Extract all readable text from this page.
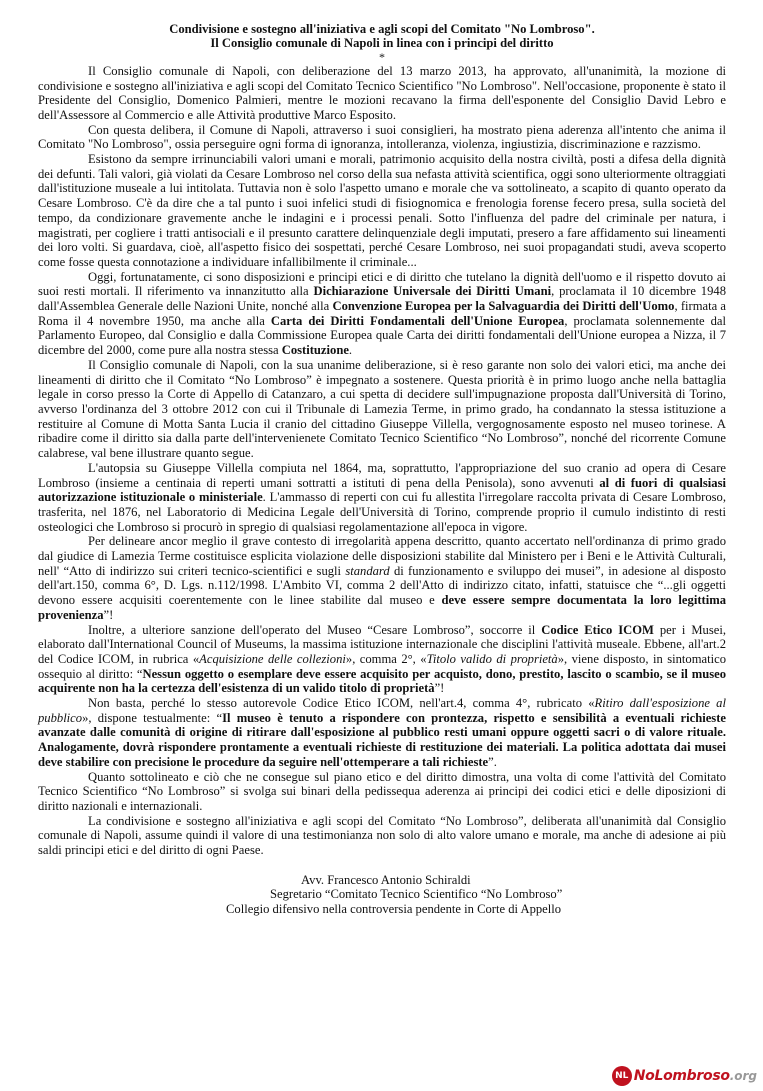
Condivisione e sostegno all'iniziativa e agli scopi del Comitato "No Lombroso".
Il Consiglio comunale di Napoli in linea con i principi del diritto
*

Il Consiglio comunale di Napoli, con deliberazione del 13 marzo 2013, ha approvato, all'unanimità, la mozione di condivisione e sostegno all'iniziativa e agli scopi del Comitato Tecnico Scientifico "No Lombroso". Nell'occasione, proponente è stato il Presidente del Consiglio, Domenico Palmieri, mentre le mozioni recavano la firma dell'esponente del Consiglio David Lebro e dell'Assessore al Commercio e alle Attività produttive Marco Esposito.

Con questa delibera, il Comune di Napoli, attraverso i suoi consiglieri, ha mostrato piena aderenza all'intento che anima il Comitato "No Lombroso", ossia perseguire ogni forma di ignoranza, intolleranza, violenza, ingiustizia, discriminazione e razzismo.

Esistono da sempre irrinunciabili valori umani e morali, patrimonio acquisito della nostra civiltà, posti a difesa della dignità dei defunti. Tali valori, già violati da Cesare Lombroso nel corso della sua nefasta attività scientifica, oggi sono ulteriormente oltraggiati dall'istituzione museale a lui intitolata. Tuttavia non è solo l'aspetto umano e morale che va sottolineato, a scapito di quanto operato da Cesare Lombroso. C'è da dire che a tal punto i suoi infelici studi di fisiognomica e frenologia forense fecero presa, sulla società del tempo, da condizionare gravemente anche le indagini e i processi penali. Sotto l'influenza del padre del criminale per natura, i magistrati, per cogliere i tratti antisociali e il presunto carattere delinquenziale degli imputati, presero a fare affidamento sui lineamenti dei loro volti. Si guardava, cioè, all'aspetto fisico dei sospettati, perché Cesare Lombroso, nei suoi propagandati studi, aveva scoperto come fosse questa connotazione a individuare infallibilmente il criminale...

Oggi, fortunatamente, ci sono disposizioni e principi etici e di diritto che tutelano la dignità dell'uomo e il rispetto dovuto ai suoi resti mortali. Il riferimento va innanzitutto alla Dichiarazione Universale dei Diritti Umani, proclamata il 10 dicembre 1948 dall'Assemblea Generale delle Nazioni Unite, nonché alla Convenzione Europea per la Salvaguardia dei Diritti dell'Uomo, firmata a Roma il 4 novembre 1950, ma anche alla Carta dei Diritti Fondamentali dell'Unione Europea, proclamata solennemente dal Parlamento Europeo, dal Consiglio e dalla Commissione Europea quale Carta dei diritti fondamentali dell'Unione europea a Nizza, il 7 dicembre del 2000, come pure alla nostra stessa Costituzione.

Il Consiglio comunale di Napoli, con la sua unanime deliberazione, si è reso garante non solo dei valori etici, ma anche dei lineamenti di diritto che il Comitato “No Lombroso” è impegnato a sostenere. Questa priorità è in primo luogo anche nella battaglia legale in corso presso la Corte di Appello di Catanzaro, a cui spetta di decidere sull'impugnazione proposta dall'Università di Torino, avverso l'ordinanza del 3 ottobre 2012 con cui il Tribunale di Lamezia Terme, in primo grado, ha condannato la stessa istituzione a restituire al Comune di Motta Santa Lucia il cranio del cittadino Giuseppe Villella, vergognosamente esposto nel museo torinese. A ribadire come il diritto sia dalla parte dell'intervenienete Comitato Tecnico Scientifico “No Lombroso”, nonché del ricorrente Comune calabrese, val bene illustrare quanto segue.

L'autopsia su Giuseppe Villella compiuta nel 1864, ma, soprattutto, l'appropriazione del suo cranio ad opera di Cesare Lombroso (insieme a centinaia di reperti umani sottratti a istituti di pena della Penisola), sono avvenuti al di fuori di qualsiasi autorizzazione istituzionale o ministeriale. L'ammasso di reperti con cui fu allestita l'irregolare raccolta privata di Cesare Lombroso, trasferita, nel 1876, nel Laboratorio di Medicina Legale dell'Università di Torino, comprende proprio il cumulo indistinto di resti osteologici che Lombroso si procurò in spregio di qualsiasi regolamentazione all'epoca in vigore.

Per delineare ancor meglio il grave contesto di irregolarità appena descritto, quanto accertato nell'ordinanza di primo grado dal giudice di Lamezia Terme costituisce esplicita violazione delle disposizioni stabilite dal Ministero per i Beni e le Attività Culturali, nell' “Atto di indirizzo sui criteri tecnico-scientifici e sugli standard di funzionamento e sviluppo dei musei”, in adesione al disposto dell'art.150, comma 6°, D. Lgs. n.112/1998. L'Ambito VI, comma 2 dell'Atto di indirizzo citato, infatti, statuisce che “...gli oggetti devono essere acquisiti coerentemente con le linee stabilite dal museo e deve essere sempre documentata la loro legittima provenienza”!

Inoltre, a ulteriore sanzione dell'operato del Museo “Cesare Lombroso”, soccorre il Codice Etico ICOM per i Musei, elaborato dall'International Council of Museums, la massima istituzione internazionale che disciplini l'attività museale. Ebbene, all'art.2 del Codice ICOM, in rubrica «Acquisizione delle collezioni», comma 2°, «Titolo valido di proprietà», viene disposto, in sintomatico ossequio al diritto: “Nessun oggetto o esemplare deve essere acquisito per acquisto, dono, prestito, lascito o scambio, se il museo acquirente non ha la certezza dell'esistenza di un valido titolo di proprietà”!

Non basta, perché lo stesso autorevole Codice Etico ICOM, nell'art.4, comma 4°, rubricato «Ritiro dall'esposizione al pubblico», dispone testualmente: “Il museo è tenuto a rispondere con prontezza, rispetto e sensibilità a eventuali richieste avanzate dalle comunità di origine di ritirare dall'esposizione al pubblico resti umani oppure oggetti sacri o di valore rituale. Analogamente, dovrà rispondere prontamente a eventuali richieste di restituzione dei materiali. La politica adottata dai musei deve stabilire con precisione le procedure da seguire nell'ottemperare a tali richieste”.

Quanto sottolineato e ciò che ne consegue sul piano etico e del diritto dimostra, una volta di come l'attività del Comitato Tecnico Scientifico “No Lombroso” si svolga sui binari della pedissequa aderenza ai principi dei codici etici e delle diposizioni di diritto nazionali e internazionali.

La condivisione e sostegno all'iniziativa e agli scopi del Comitato “No Lombroso”, deliberata all'unanimità dal Consiglio comunale di Napoli, assume quindi il valore di una testimonianza non solo di alto valore umano e morale, ma anche di adesione ai più saldi principi etici e del diritto di ogni Paese.

Avv. Francesco Antonio Schiraldi
Segretario “Comitato Tecnico Scientifico “No Lombroso”
Collegio difensivo nella controversia pendente in Corte di Appello
NL NoLombroso .org
